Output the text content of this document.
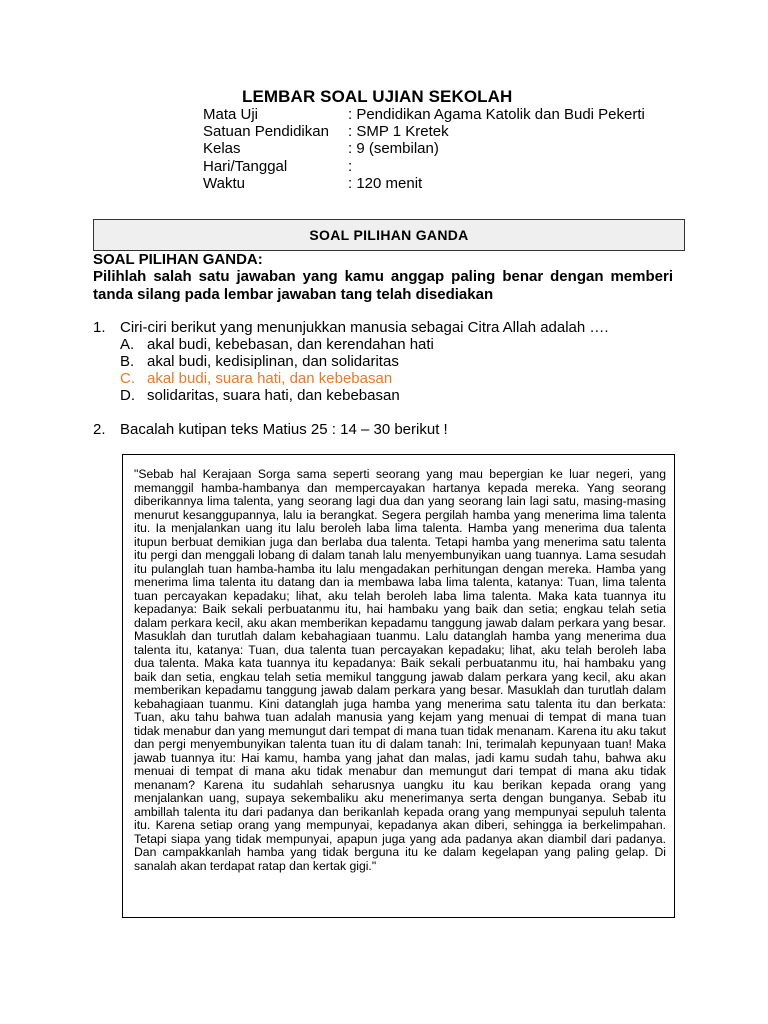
LEMBAR SOAL UJIAN SEKOLAH
Mata Uji	: Pendidikan Agama Katolik dan Budi Pekerti
Satuan Pendidikan	: SMP 1 Kretek
Kelas	: 9 (sembilan)
Hari/Tanggal	:
Waktu	: 120 menit
SOAL PILIHAN GANDA
SOAL PILIHAN GANDA:
Pilihlah salah satu jawaban yang kamu anggap paling benar dengan memberi tanda silang pada lembar jawaban tang telah disediakan
1. Ciri-ciri berikut yang menunjukkan manusia sebagai Citra Allah adalah ….
A. akal budi, kebebasan, dan kerendahan hati
B. akal budi, kedisiplinan, dan solidaritas
C. akal budi, suara hati, dan kebebasan
D. solidaritas, suara hati, dan kebebasan
2. Bacalah kutipan teks Matius 25 : 14 – 30 berikut !

"Sebab hal Kerajaan Sorga sama seperti seorang yang mau bepergian ke luar negeri, yang memanggil hamba-hambanya dan mempercayakan hartanya kepada mereka. Yang seorang diberikannya lima talenta, yang seorang lagi dua dan yang seorang lain lagi satu, masing-masing menurut kesanggupannya, lalu ia berangkat. Segera pergilah hamba yang menerima lima talenta itu. Ia menjalankan uang itu lalu beroleh laba lima talenta. Hamba yang menerima dua talenta itupun berbuat demikian juga dan berlaba dua talenta. Tetapi hamba yang menerima satu talenta itu pergi dan menggali lobang di dalam tanah lalu menyembunyikan uang tuannya. Lama sesudah itu pulanglah tuan hamba-hamba itu lalu mengadakan perhitungan dengan mereka. Hamba yang menerima lima talenta itu datang dan ia membawa laba lima talenta, katanya: Tuan, lima talenta tuan percayakan kepadaku; lihat, aku telah beroleh laba lima talenta. Maka kata tuannya itu kepadanya: Baik sekali perbuatanmu itu, hai hambaku yang baik dan setia; engkau telah setia dalam perkara kecil, aku akan memberikan kepadamu tanggung jawab dalam perkara yang besar. Masuklah dan turutlah dalam kebahagiaan tuanmu. Lalu datanglah hamba yang menerima dua talenta itu, katanya: Tuan, dua talenta tuan percayakan kepadaku; lihat, aku telah beroleh laba dua talenta. Maka kata tuannya itu kepadanya: Baik sekali perbuatanmu itu, hai hambaku yang baik dan setia, engkau telah setia memikul tanggung jawab dalam perkara yang kecil, aku akan memberikan kepadamu tanggung jawab dalam perkara yang besar. Masuklah dan turutlah dalam kebahagiaan tuanmu. Kini datanglah juga hamba yang menerima satu talenta itu dan berkata: Tuan, aku tahu bahwa tuan adalah manusia yang kejam yang menuai di tempat di mana tuan tidak menabur dan yang memungut dari tempat di mana tuan tidak menanam. Karena itu aku takut dan pergi menyembunyikan talenta tuan itu di dalam tanah: Ini, terimalah kepunyaan tuan! Maka jawab tuannya itu: Hai kamu, hamba yang jahat dan malas, jadi kamu sudah tahu, bahwa aku menuai di tempat di mana aku tidak menabur dan memungut dari tempat di mana aku tidak menanam? Karena itu sudahlah seharusnya uangku itu kau berikan kepada orang yang menjalankan uang, supaya sekembaliku aku menerimanya serta dengan bunganya. Sebab itu ambillah talenta itu dari padanya dan berikanlah kepada orang yang mempunyai sepuluh talenta itu. Karena setiap orang yang mempunyai, kepadanya akan diberi, sehingga ia berkelimpahan. Tetapi siapa yang tidak mempunyai, apapun juga yang ada padanya akan diambil dari padanya. Dan campakkanlah hamba yang tidak berguna itu ke dalam kegelapan yang paling gelap. Di sanalah akan terdapat ratap dan kertak gigi."
